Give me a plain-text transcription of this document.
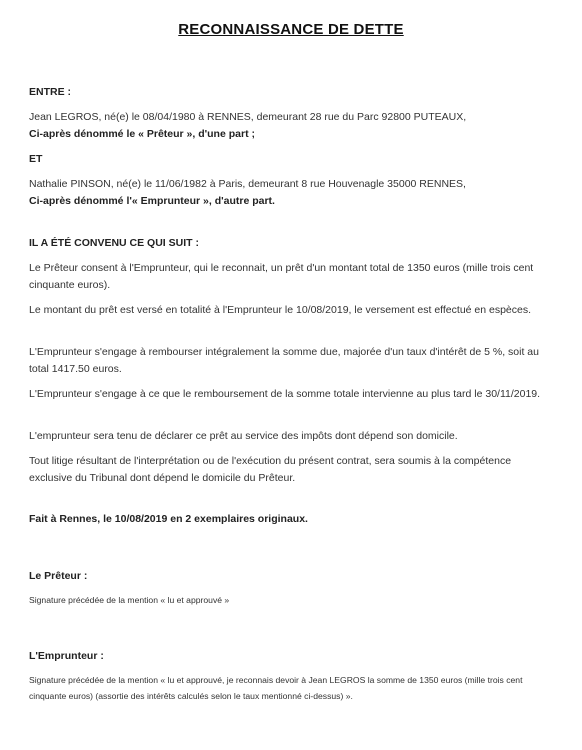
RECONNAISSANCE DE DETTE
ENTRE :

Jean LEGROS, né(e) le 08/04/1980 à RENNES, demeurant 28 rue du Parc 92800 PUTEAUX,

Ci-après dénommé le « Prêteur », d'une part ;

ET

Nathalie PINSON, né(e) le 11/06/1982 à Paris, demeurant 8 rue Houvenagle 35000 RENNES,

Ci-après dénommé l'« Emprunteur », d'autre part.

IL A ÉTÉ CONVENU CE QUI SUIT :
Le Prêteur consent à l'Emprunteur, qui le reconnait, un prêt d'un montant total de 1350 euros (mille trois cent cinquante euros).
Le montant du prêt est versé en totalité à l'Emprunteur le 10/08/2019, le versement est effectué en espèces.
L'Emprunteur s'engage à rembourser intégralement la somme due, majorée d'un taux d'intérêt de 5 %, soit au total 1417.50 euros.
L'Emprunteur s'engage à ce que le remboursement de la somme totale intervienne au plus tard le 30/11/2019.
L'emprunteur sera tenu de déclarer ce prêt au service des impôts dont dépend son domicile.
Tout litige résultant de l'interprétation ou de l'exécution du présent contrat, sera soumis à la compétence exclusive du Tribunal dont dépend le domicile du Prêteur.
Fait à Rennes, le 10/08/2019 en 2 exemplaires originaux.
Le Prêteur :
Signature précédée de la mention « lu et approuvé »
L'Emprunteur :
Signature précédée de la mention « lu et approuvé, je reconnais devoir à Jean LEGROS la somme de 1350 euros (mille trois cent cinquante euros) (assortie des intérêts calculés selon le taux mentionné ci-dessus) ».
